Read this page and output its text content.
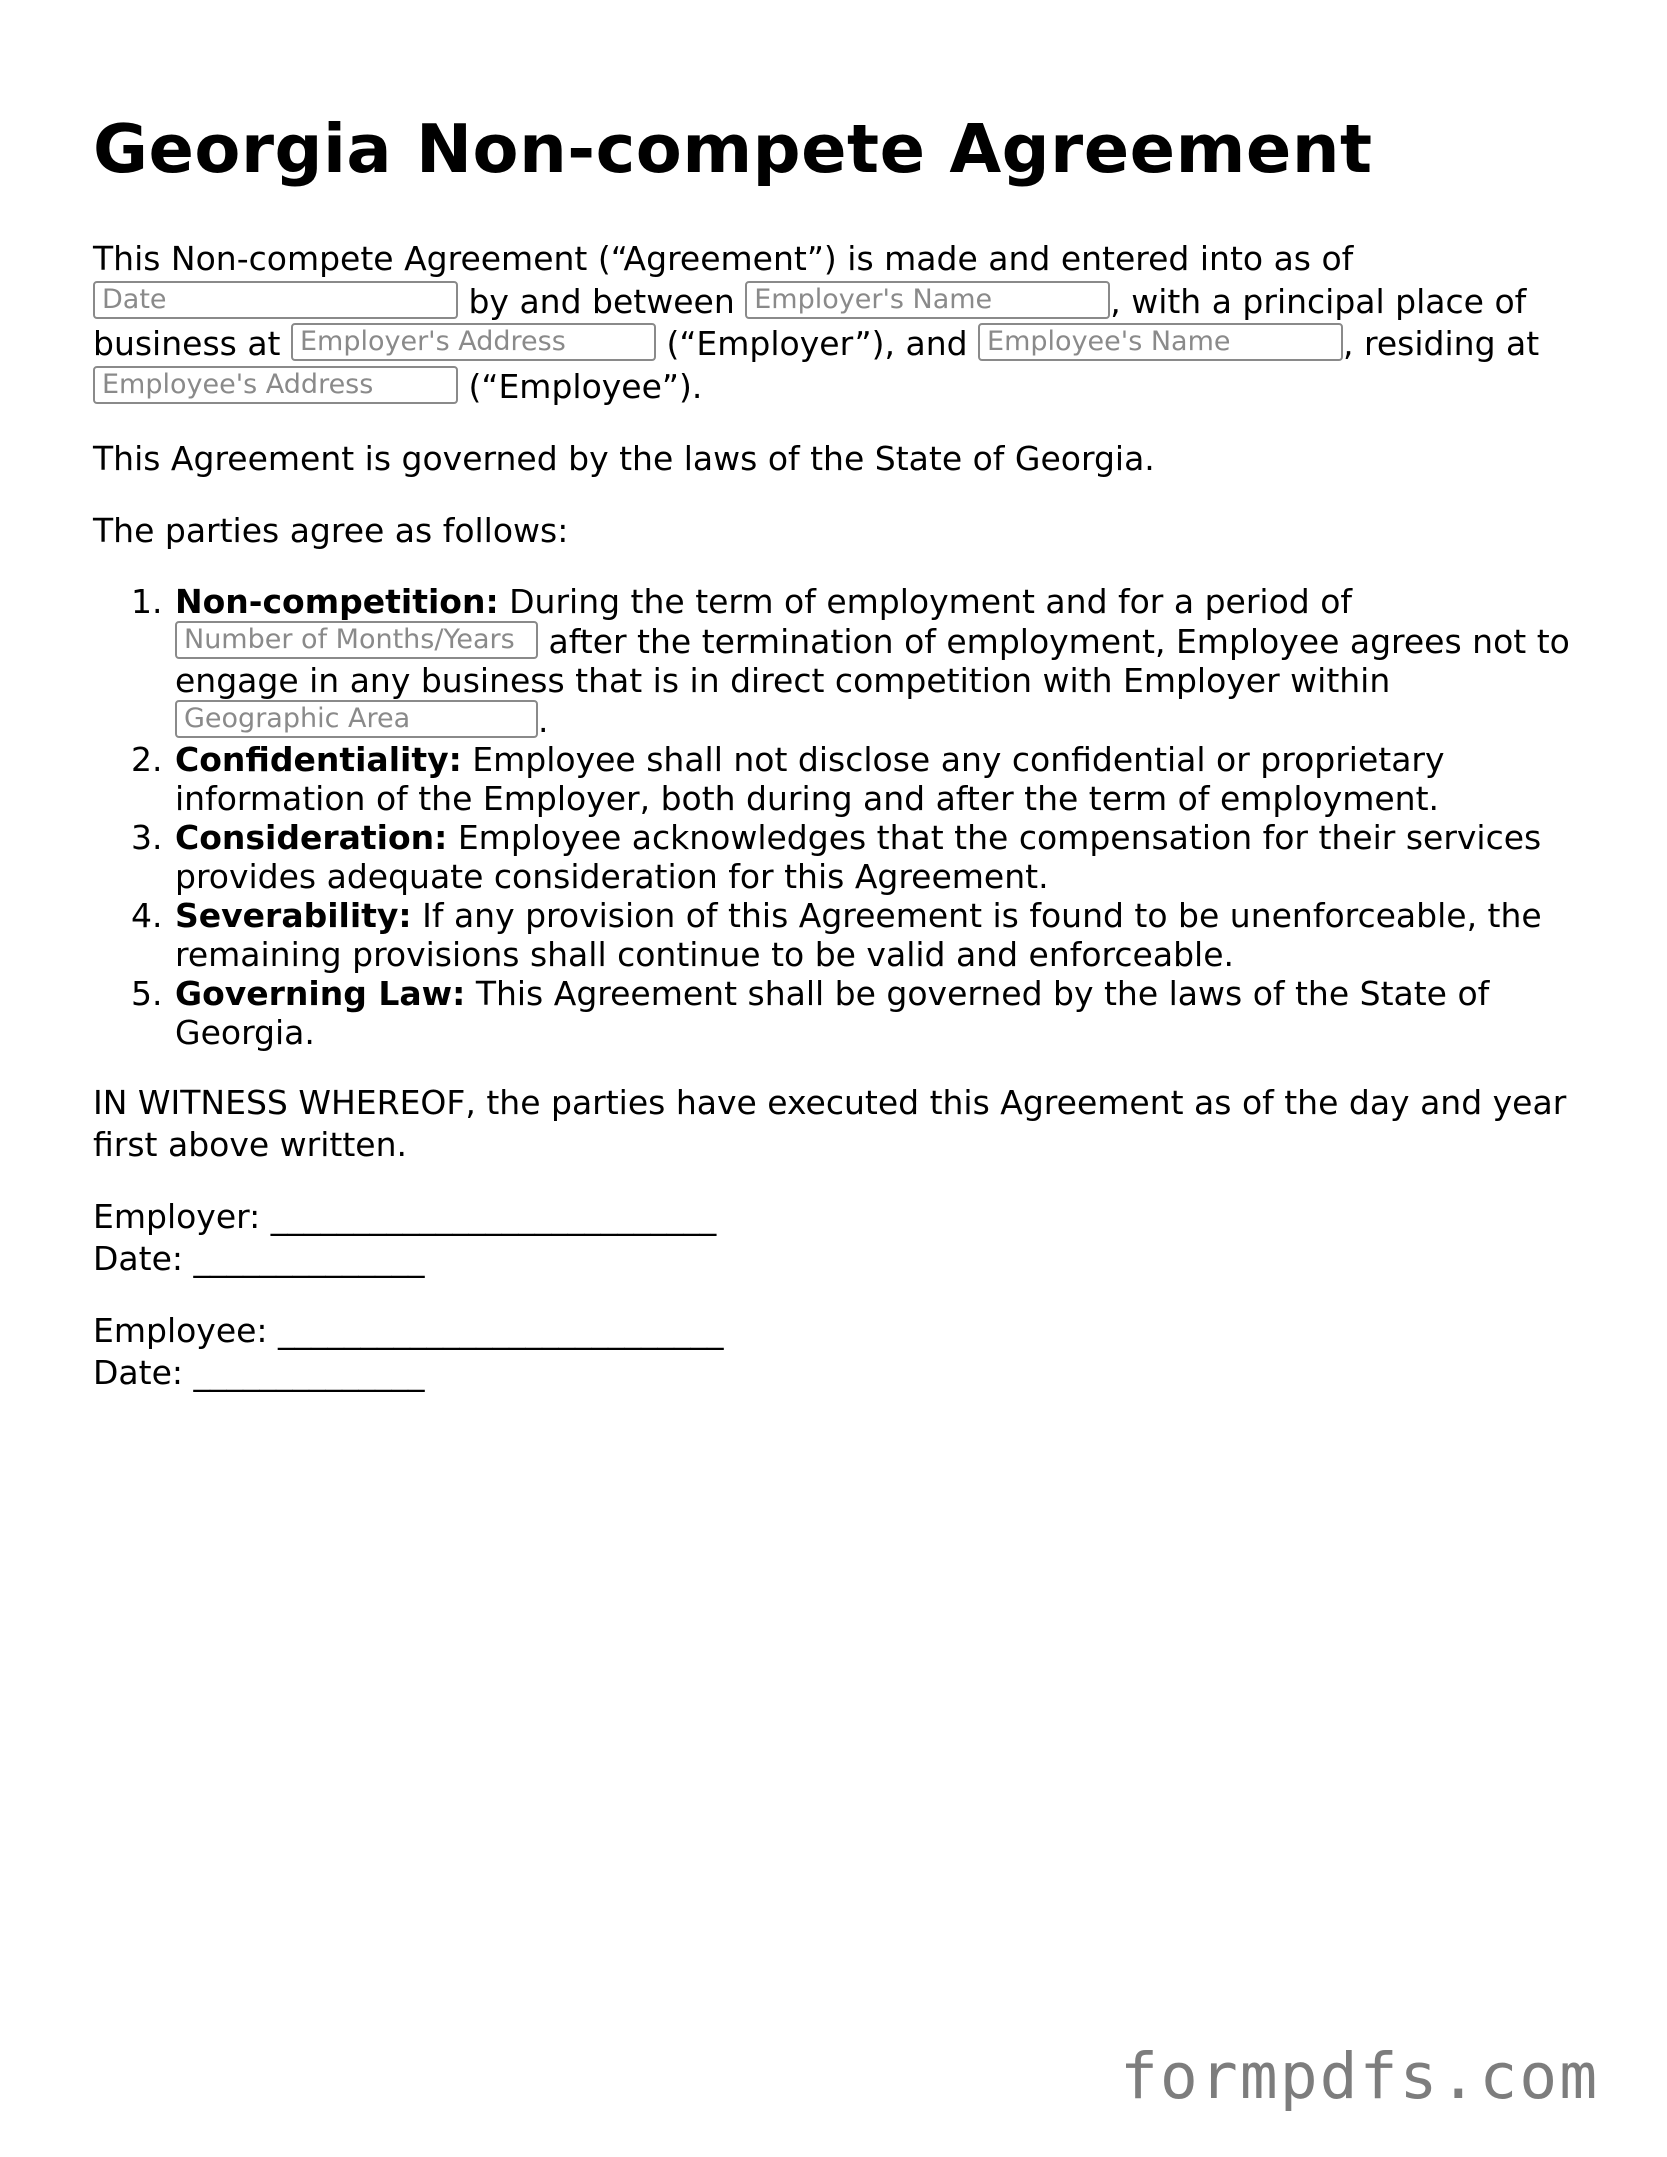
Georgia Non-compete Agreement

This Non-compete Agreement (“Agreement”) is made and entered into as of
Date	by and between Employer's Name	, with a principal place of business at Employer's Address	(“Employer”), and Employee's Name	, residing at Employee's Address	(“Employee”).

This Agreement is governed by the laws of the State of Georgia.

The parties agree as follows:

1. Non-competition: During the term of employment and for a period of Number of Months/Years after the termination of employment, Employee agrees not to engage in any business that is in direct competition with Employer within Geographic Area	.
2. Confidentiality: Employee shall not disclose any confidential or proprietary information of the Employer, both during and after the term of employment.
3. Consideration: Employee acknowledges that the compensation for their services provides adequate consideration for this Agreement.
4. Severability: If any provision of this Agreement is found to be unenforceable, the remaining provisions shall continue to be valid and enforceable.
5. Governing Law: This Agreement shall be governed by the laws of the State of Georgia.

IN WITNESS WHEREOF, the parties have executed this Agreement as of the day and year first above written.

Employer: ___________________________

Date: ______________

Employee: ___________________________

Date: ______________

formpdfs.com
